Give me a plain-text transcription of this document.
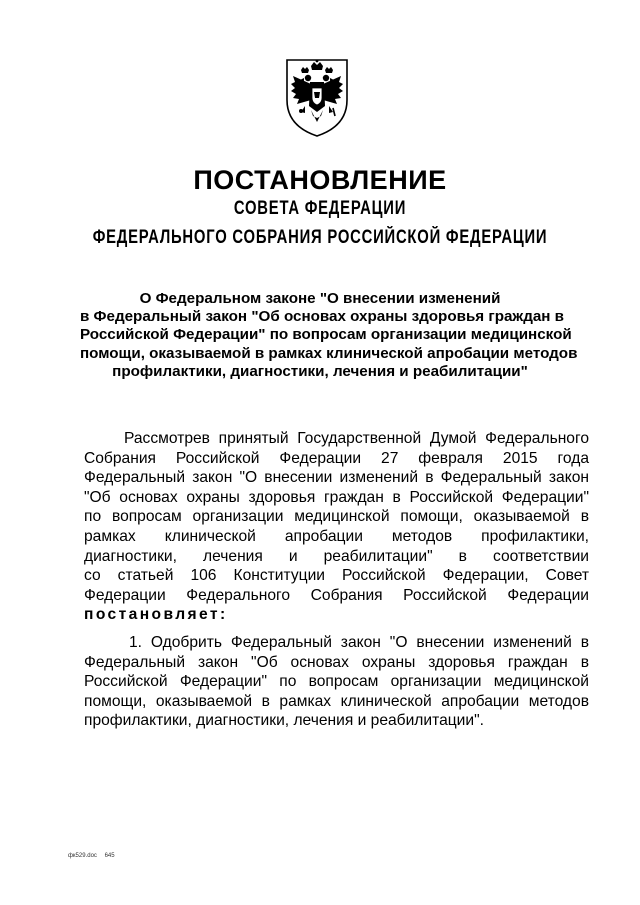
ПОСТАНОВЛЕНИЕ
СОВЕТА ФЕДЕРАЦИИ
ФЕДЕРАЛЬНОГО СОБРАНИЯ РОССИЙСКОЙ ФЕДЕРАЦИИ
О Федеральном законе "О внесении изменений
в Федеральный закон "Об основах охраны здоровья граждан в
Российской Федерации" по вопросам организации медицинской
помощи, оказываемой в рамках клинической апробации методов
профилактики, диагностики, лечения и реабилитации"
Рассмотрев принятый Государственной Думой Федерального
Собрания Российской Федерации 27 февраля 2015 года
Федеральный закон "О внесении изменений в Федеральный закон
"Об основах охраны здоровья граждан в Российской Федерации"
по вопросам организации медицинской помощи, оказываемой в
рамках клинической апробации методов профилактики,
диагностики, лечения и реабилитации" в соответствии
со статьей 106 Конституции Российской Федерации, Совет
Федерации Федерального Собрания Российской Федерации
постановляет:
1. Одобрить Федеральный закон "О внесении изменений в
Федеральный закон "Об основах охраны здоровья граждан в
Российской Федерации" по вопросам организации медицинской
помощи, оказываемой в рамках клинической апробации методов
профилактики, диагностики, лечения и реабилитации".
фк529.doc 645
